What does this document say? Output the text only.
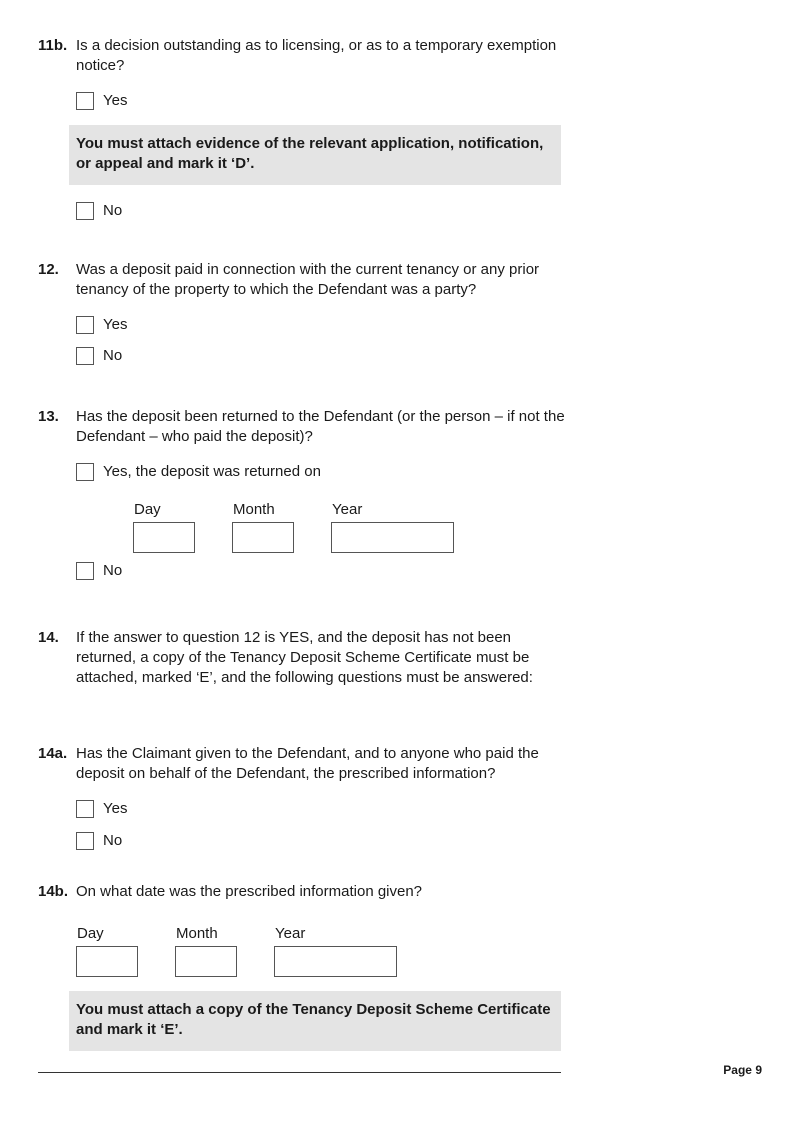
11b. Is a decision outstanding as to licensing, or as to a temporary exemption notice?
Yes
You must attach evidence of the relevant application, notification, or appeal and mark it ‘D’.
No
12. Was a deposit paid in connection with the current tenancy or any prior tenancy of the property to which the Defendant was a party?
Yes
No
13. Has the deposit been returned to the Defendant (or the person – if not the Defendant – who paid the deposit)?
Yes, the deposit was returned on
Day	Month	Year
No
14. If the answer to question 12 is YES, and the deposit has not been returned, a copy of the Tenancy Deposit Scheme Certificate must be attached, marked ‘E’, and the following questions must be answered:
14a. Has the Claimant given to the Defendant, and to anyone who paid the deposit on behalf of the Defendant, the prescribed information?
Yes
No
14b. On what date was the prescribed information given?
Day	Month	Year
You must attach a copy of the Tenancy Deposit Scheme Certificate and mark it ‘E’.
Page 9
